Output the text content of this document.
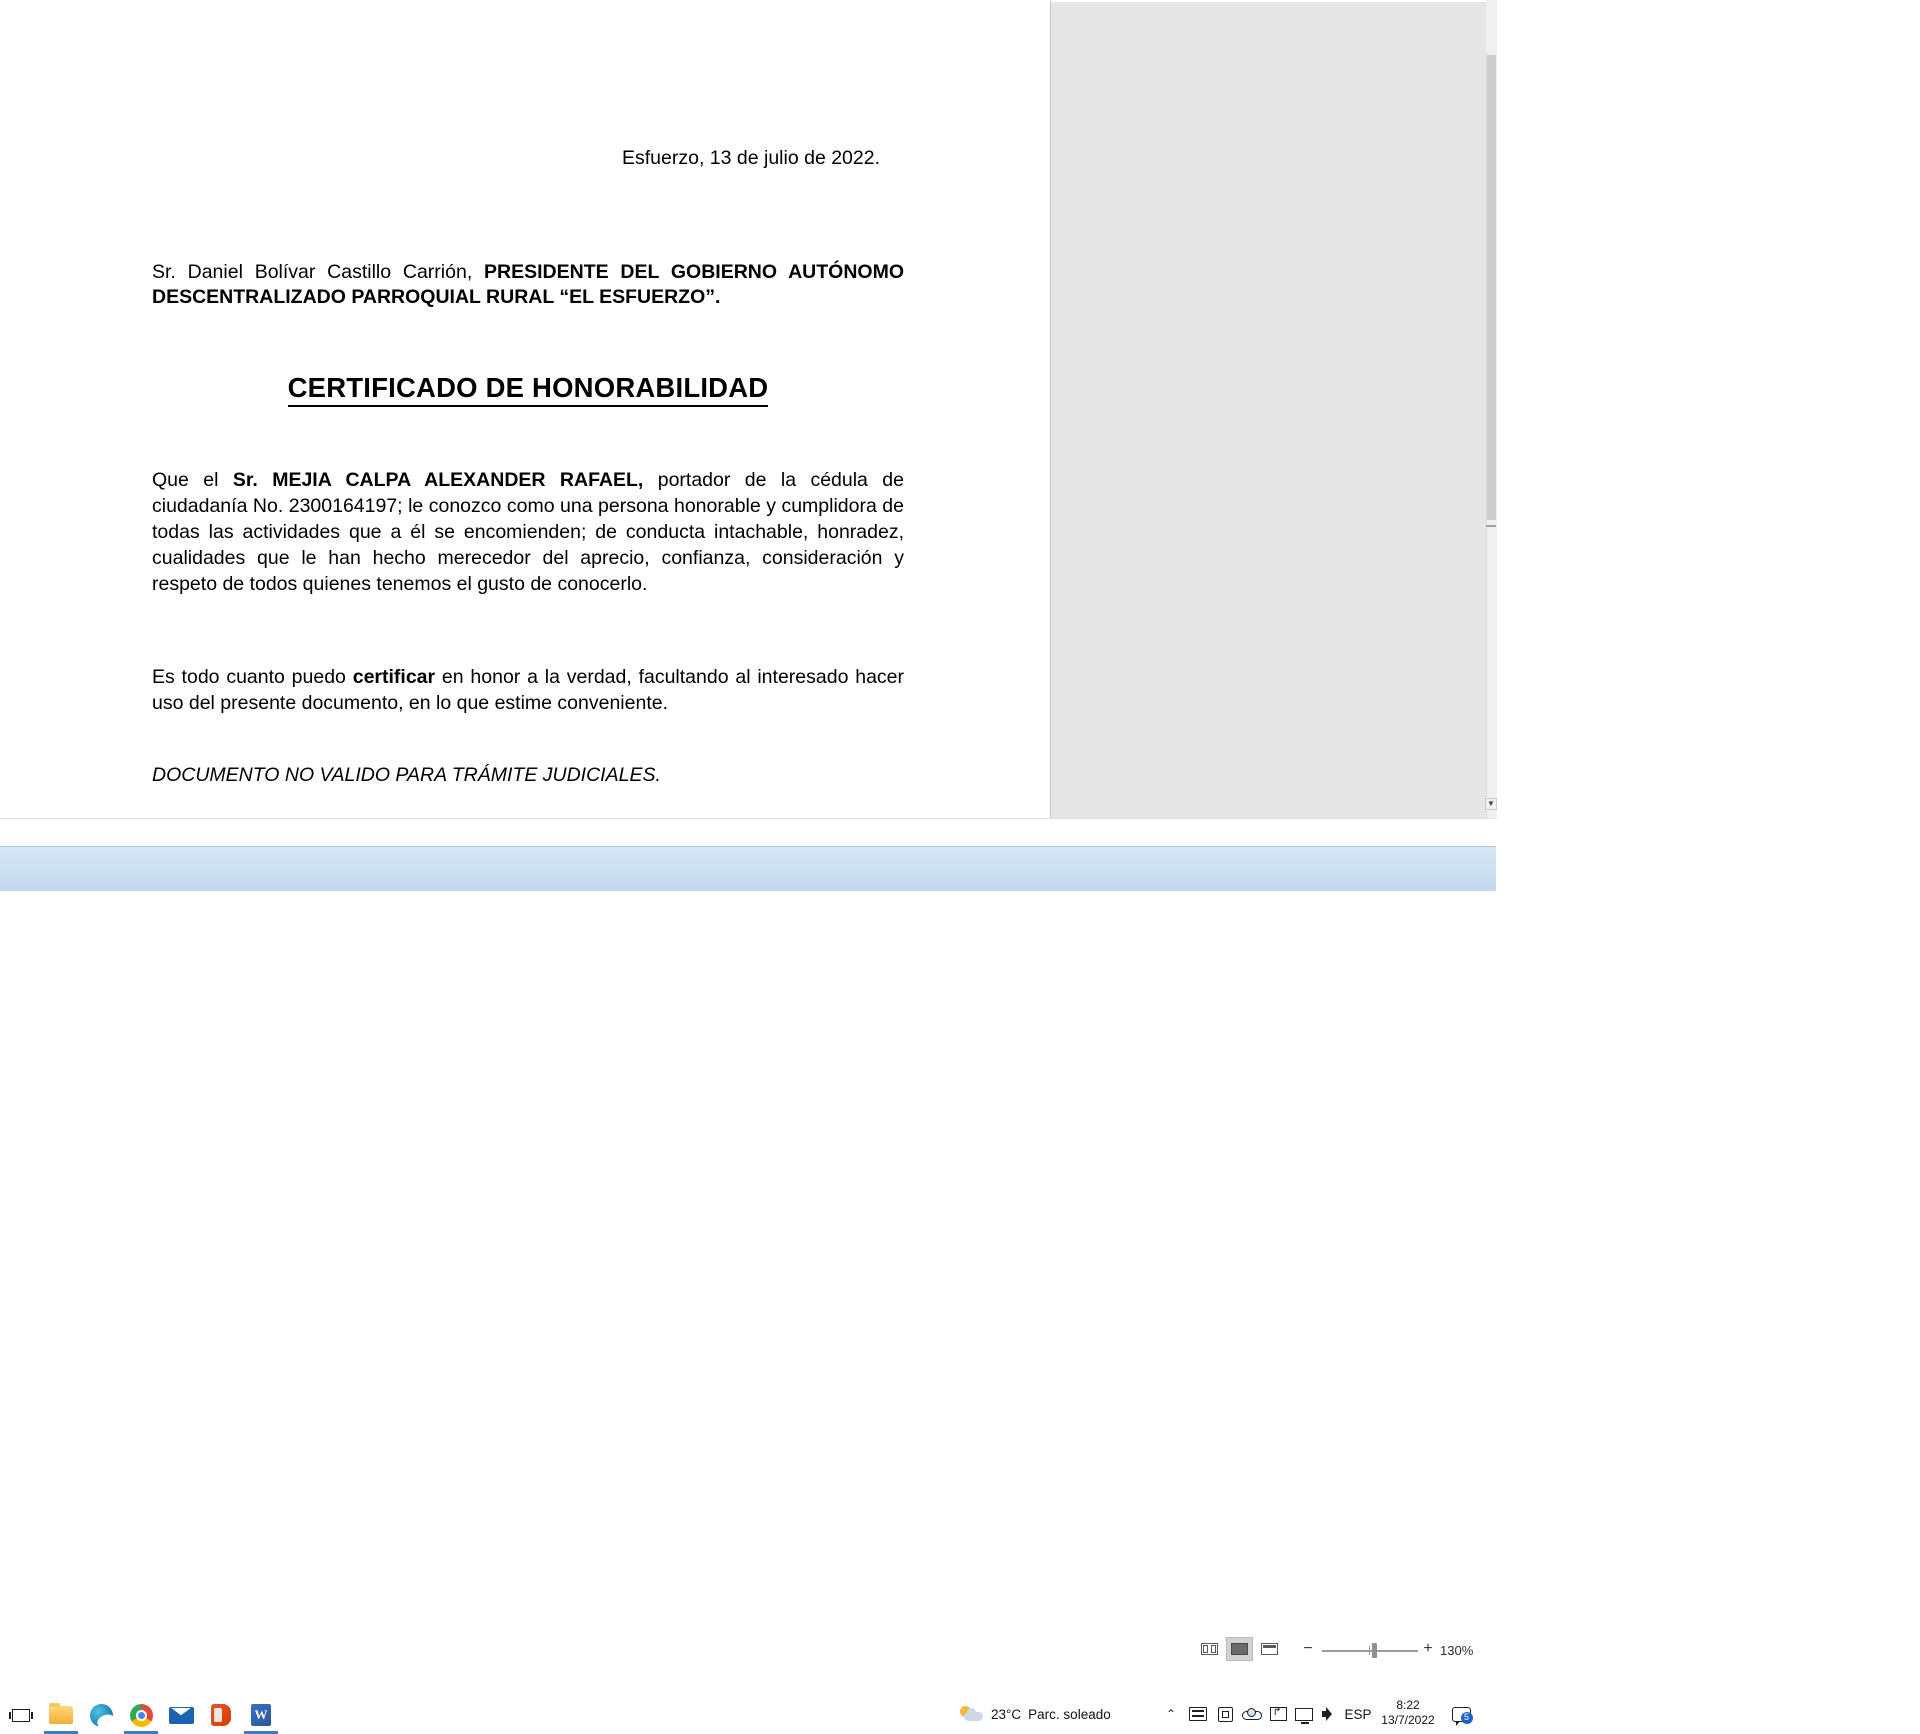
Esfuerzo, 13 de julio de 2022.
Sr. Daniel Bolívar Castillo Carrión, PRESIDENTE DEL GOBIERNO AUTÓNOMO DESCENTRALIZADO PARROQUIAL RURAL “EL ESFUERZO”.
CERTIFICADO DE HONORABILIDAD
Que el Sr. MEJIA CALPA ALEXANDER RAFAEL, portador de la cédula de ciudadanía No. 2300164197; le conozco como una persona honorable y cumplidora de todas las actividades que a él se encomienden; de conducta intachable, honradez, cualidades que le han hecho merecedor del aprecio, confianza, consideración y respeto de todos quienes tenemos el gusto de conocerlo.
Es todo cuanto puedo certificar en honor a la verdad, facultando al interesado hacer uso del presente documento, en lo que estime conveniente.
DOCUMENTO NO VALIDO PARA TRÁMITE JUDICIALES.
▼
−	+ 130%
W	23°C Parc. soleado	⌃ ↱	ESP
8:22
13/7/2022	5
